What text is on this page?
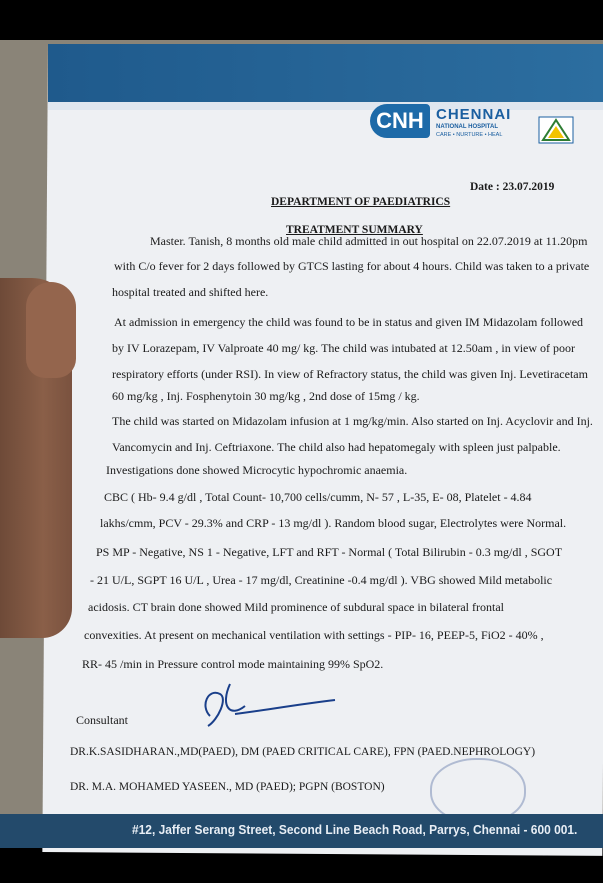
CNH CHENNAI
NATIONAL HOSPITAL
CARE • NURTURE • HEAL
Date : 23.07.2019
DEPARTMENT OF PAEDIATRICS
TREATMENT SUMMARY
Master. Tanish, 8 months old male child admitted in out hospital on 22.07.2019 at 11.20pm
with C/o fever for 2 days followed by GTCS lasting for about 4 hours. Child was taken to a private
hospital treated and shifted here.
At admission in emergency the child was found to be in status and given IM Midazolam followed
by IV Lorazepam, IV Valproate 40 mg/ kg. The child was intubated at 12.50am , in view of poor
respiratory efforts (under RSI). In view of Refractory status, the child was given Inj. Levetiracetam
60 mg/kg , Inj. Fosphenytoin 30 mg/kg , 2nd dose of 15mg / kg.
The child was started on Midazolam infusion at 1 mg/kg/min. Also started on Inj. Acyclovir and Inj.
Vancomycin and Inj. Ceftriaxone. The child also had hepatomegaly with spleen just palpable.
Investigations done showed Microcytic hypochromic anaemia.
CBC ( Hb- 9.4 g/dl , Total Count- 10,700 cells/cumm, N- 57 , L-35, E- 08, Platelet - 4.84
lakhs/cmm, PCV - 29.3% and CRP - 13 mg/dl ). Random blood sugar, Electrolytes were Normal.
PS MP - Negative, NS 1 - Negative, LFT and RFT - Normal ( Total Bilirubin - 0.3 mg/dl , SGOT
- 21 U/L, SGPT 16 U/L , Urea - 17 mg/dl, Creatinine -0.4 mg/dl ). VBG showed Mild metabolic
acidosis. CT brain done showed Mild prominence of subdural space in bilateral frontal
convexities. At present on mechanical ventilation with settings - PIP- 16, PEEP-5, FiO2 - 40% ,
RR- 45 /min in Pressure control mode maintaining 99% SpO2.
Consultant
DR.K.SASIDHARAN.,MD(PAED), DM (PAED CRITICAL CARE), FPN (PAED.NEPHROLOGY)
DR. M.A. MOHAMED YASEEN., MD (PAED); PGPN (BOSTON)
#12, Jaffer Serang Street, Second Line Beach Road, Parrys, Chennai - 600 001.
